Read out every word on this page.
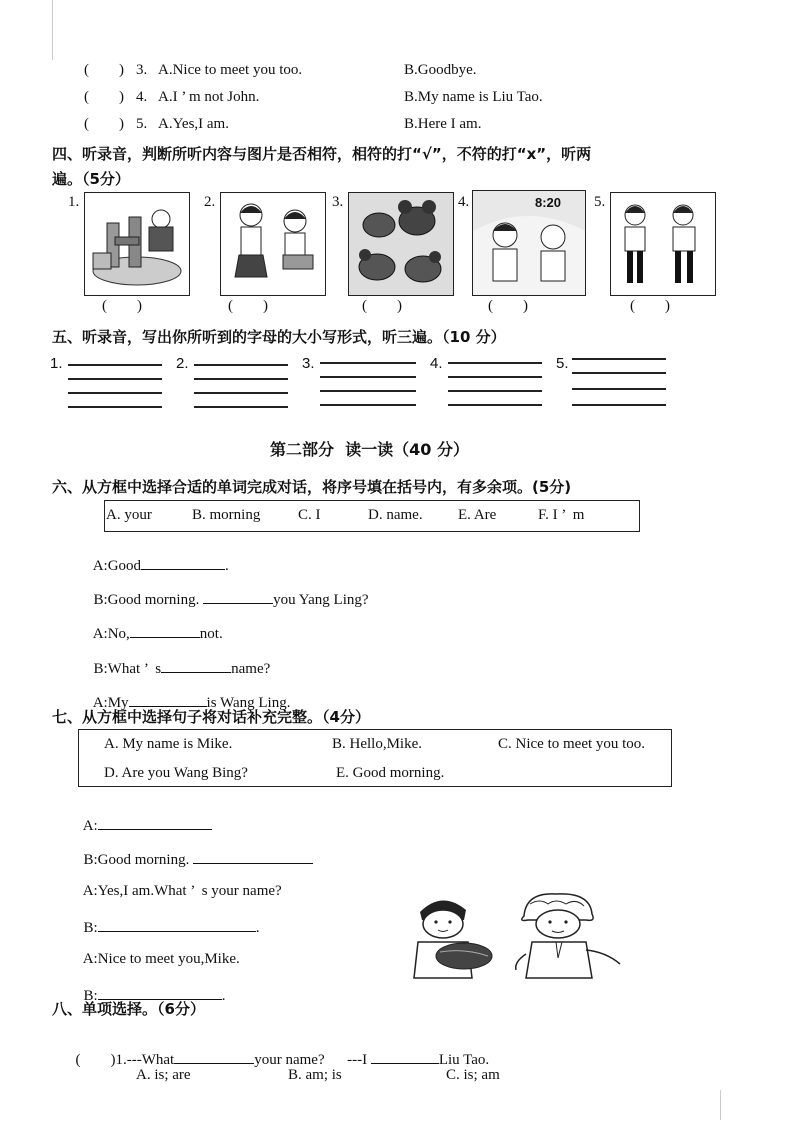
(        ) 3. A.Nice to meet you too.	B.Goodbye.
(        ) 4. A.I ’ m not John.	B.My name is Liu Tao.
(        ) 5. A.Yes,I am.	B.Here I am.
四、听录音，判断所听内容与图片是否相符，相符的打“√”，不符的打“x”，听两
遍。（5分）
1.
(        )
2.
(        )
3.
(        )
4.	8:20
(        )
5.
(        )
五、听录音，写出你所听到的字母的大小写形式，听三遍。（10 分）
1.	2.	3.	4.	5.
第二部分  读一读（40 分）
六、从方框中选择合适的单词完成对话，将序号填在括号内，有多余项。(5分)
A. your	B. morning	C. I	D. name. E. Are	F. I ’  m

A:Good	.

B:Good morning.	you Yang Ling?

A:No,	not.

B:What ’  s	name?

A:My	is Wang Ling.

七、从方框中选择句子将对话补充完整。（4分）
A. My name is Mike.	B. Hello,Mike.	C. Nice to meet you too.
D. Are you Wang Bing?	E. Good morning.

A:

B:Good morning.

A:Yes,I am.What ’  s your name?

B:	.

A:Nice to meet you,Mike.

B:	.

八、单项选择。（6分）

(        )1.---What	your name? ---I	Liu Tao.

A. is; are	B. am; is	C. is; am
